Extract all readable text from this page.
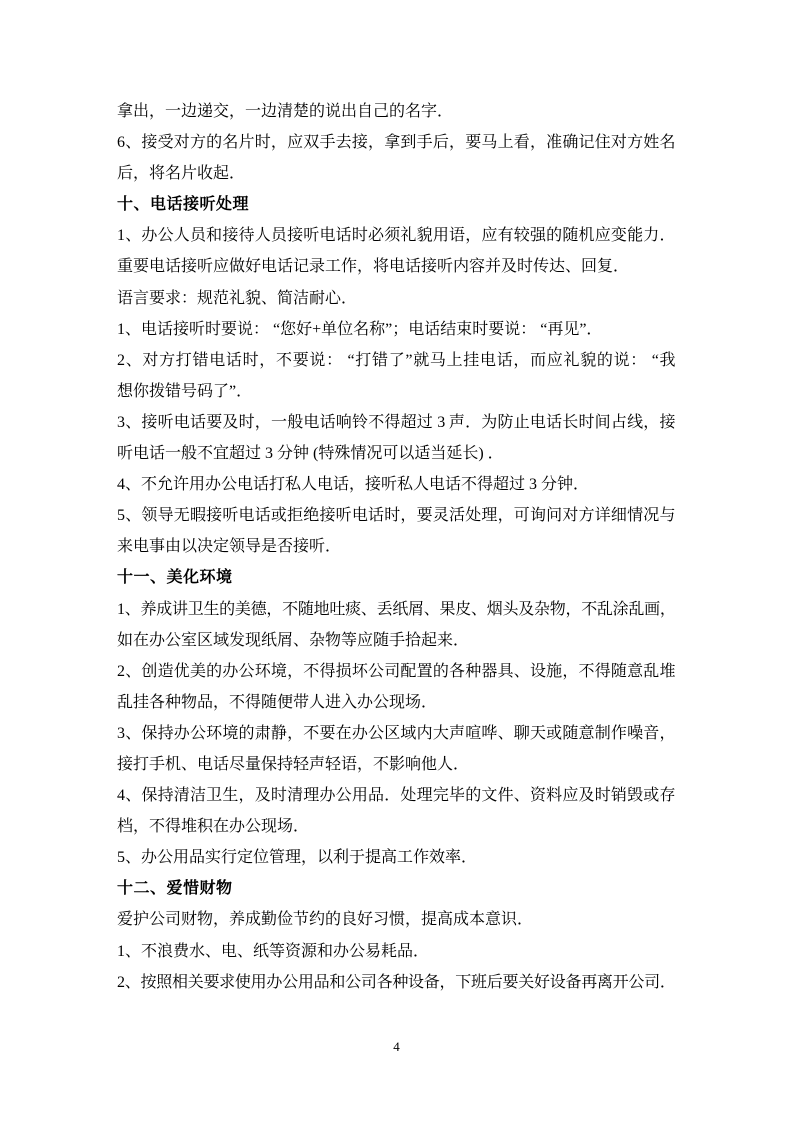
拿出，一边递交，一边清楚的说出自己的名字．
6、接受对方的名片时，应双手去接，拿到手后，要马上看，准确记住对方姓名
后，将名片收起．
十、电话接听处理
1、办公人员和接待人员接听电话时必须礼貌用语，应有较强的随机应变能力．
重要电话接听应做好电话记录工作，将电话接听内容并及时传达、回复．
语言要求：规范礼貌、简洁耐心．
1、电话接听时要说： “您好+单位名称”；电话结束时要说： “再见”．
2、对方打错电话时，不要说： “打错了”就马上挂电话，而应礼貌的说： “我
想你拨错号码了”．
3、接听电话要及时，一般电话响铃不得超过 3 声．为防止电话长时间占线，接
听电话一般不宜超过 3 分钟 (特殊情况可以适当延长) ．
4、不允许用办公电话打私人电话，接听私人电话不得超过 3 分钟．
5、领导无暇接听电话或拒绝接听电话时，要灵活处理，可询问对方详细情况与
来电事由以决定领导是否接听．
十一、美化环境
1、养成讲卫生的美德，不随地吐痰、丢纸屑、果皮、烟头及杂物，不乱涂乱画，
如在办公室区域发现纸屑、杂物等应随手拾起来．
2、创造优美的办公环境，不得损坏公司配置的各种器具、设施，不得随意乱堆
乱挂各种物品，不得随便带人进入办公现场．
3、保持办公环境的肃静，不要在办公区域内大声喧哗、聊天或随意制作噪音，
接打手机、电话尽量保持轻声轻语，不影响他人．
4、保持清洁卫生，及时清理办公用品．处理完毕的文件、资料应及时销毁或存
档，不得堆积在办公现场．
5、办公用品实行定位管理，以利于提高工作效率．
十二、爱惜财物
爱护公司财物，养成勤俭节约的良好习惯，提高成本意识．
1、不浪费水、电、纸等资源和办公易耗品．
2、按照相关要求使用办公用品和公司各种设备，下班后要关好设备再离开公司．
4
